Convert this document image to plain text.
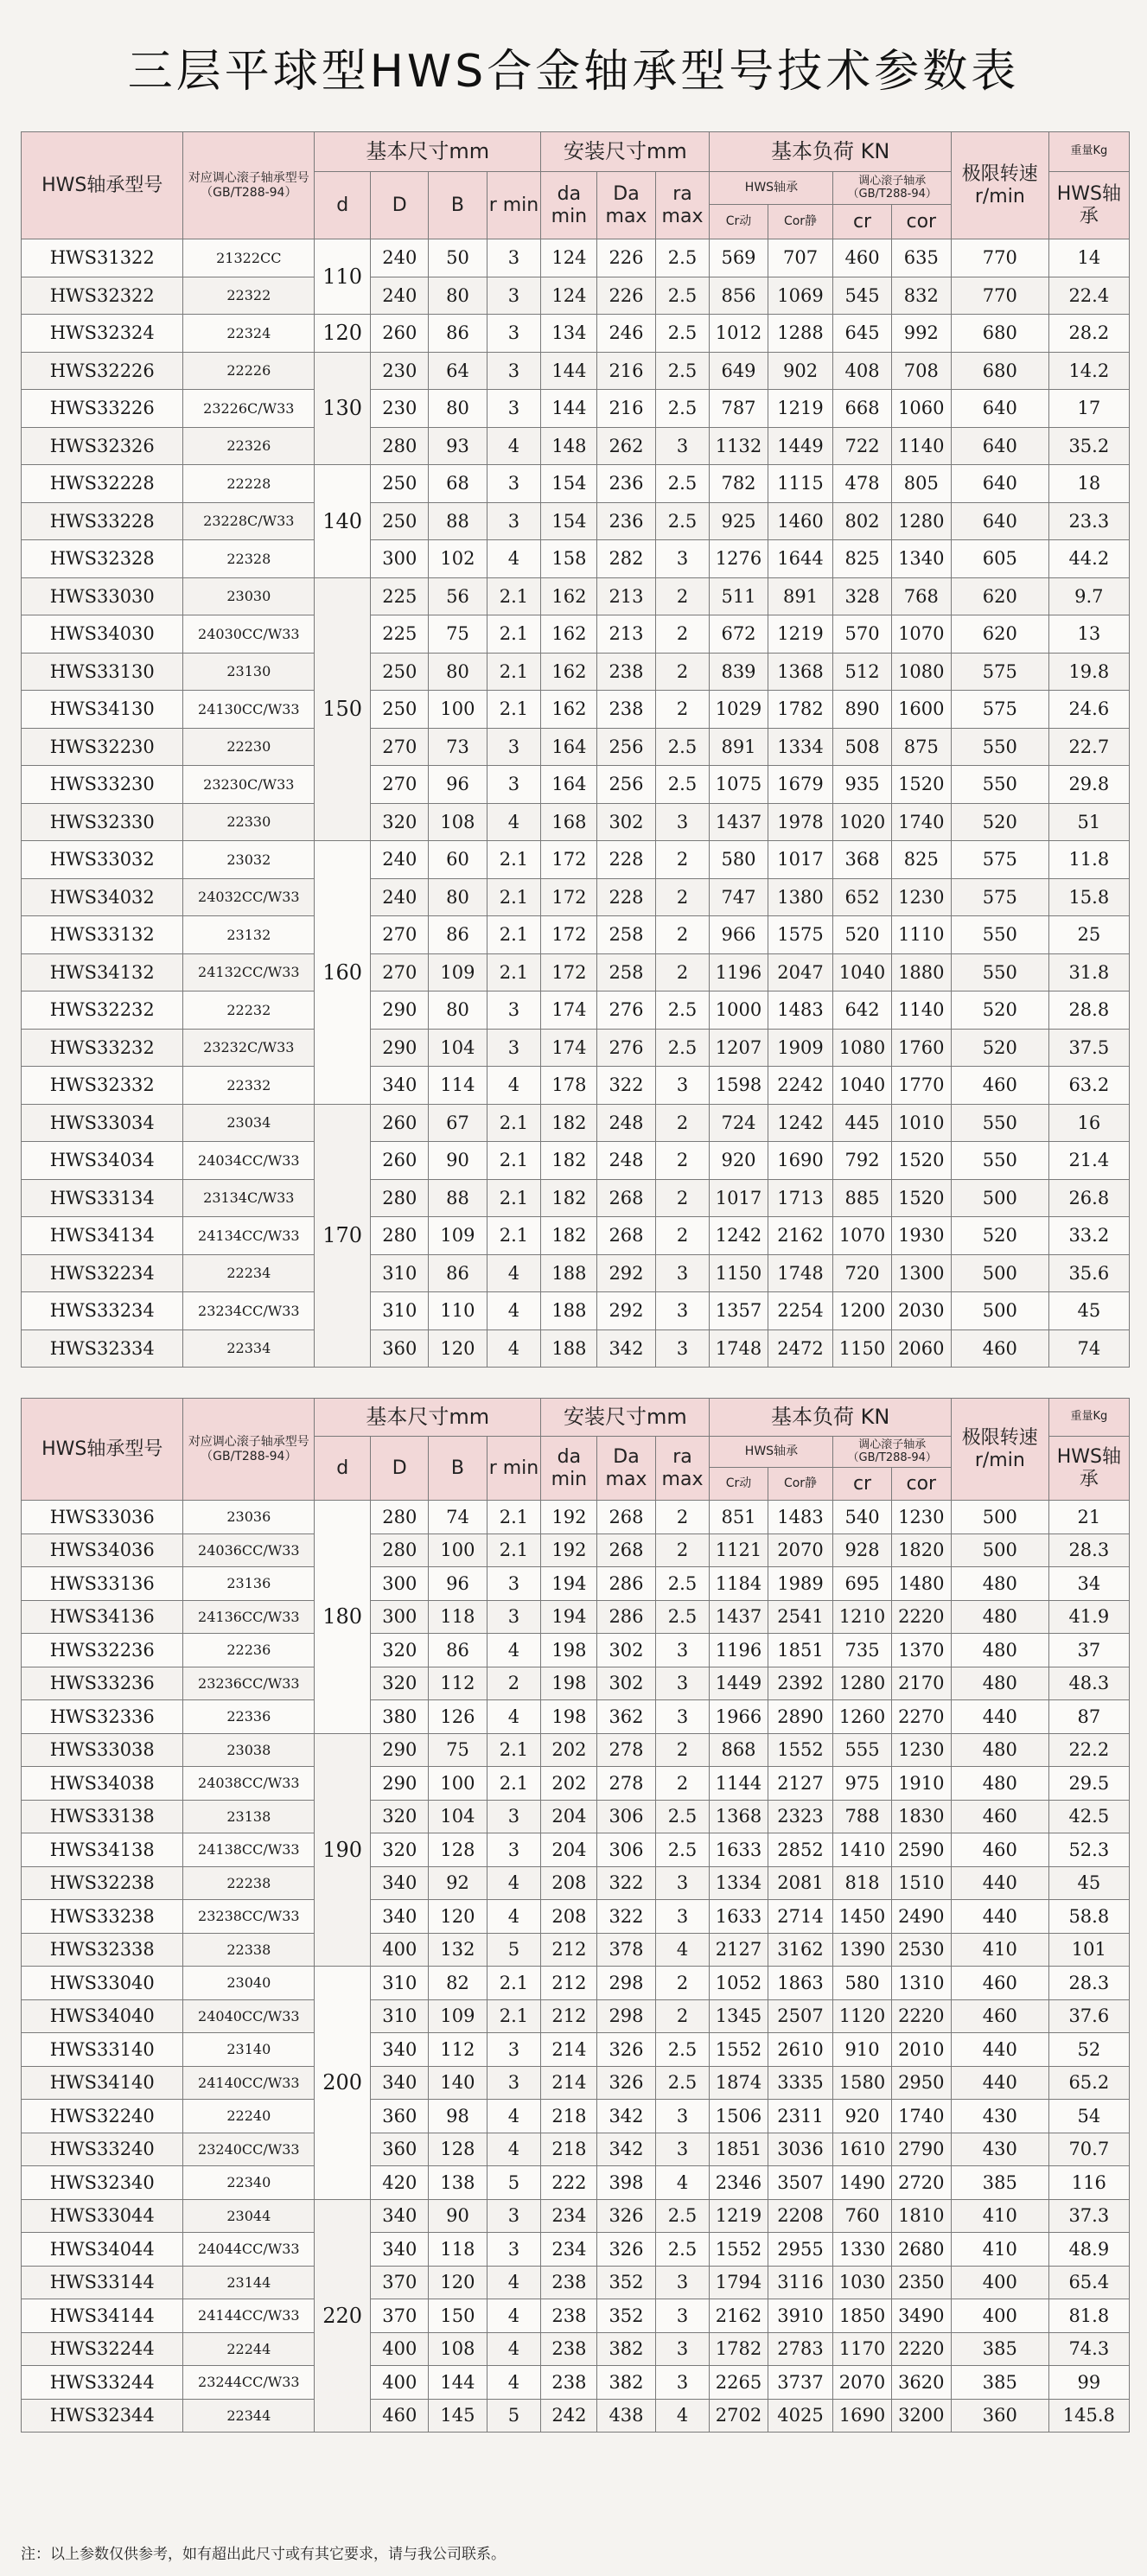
三层平球型HWS合金轴承型号技术参数表
HWS轴承型号	对应调心滚子轴承型号（GB/T288-94）	基本尺寸mm				安装尺寸mm			基本负荷 KN				极限转速r/min	重量Kg
		d	D	B	r min	da min	Da max	ra max	HWS轴承		调心滚子轴承（GB/T288-94）			HWS轴承
									Cr动	Cor静	cr	cor		
HWS31322	21322CC	110	240	50	3	124	226	2.5	569	707	460	635	770	14
HWS32322	22322		240	80	3	124	226	2.5	856	1069	545	832	770	22.4
HWS32324	22324	120	260	86	3	134	246	2.5	1012	1288	645	992	680	28.2
HWS32226	22226	130	230	64	3	144	216	2.5	649	902	408	708	680	14.2
HWS33226	23226C/W33		230	80	3	144	216	2.5	787	1219	668	1060	640	17
HWS32326	22326		280	93	4	148	262	3	1132	1449	722	1140	640	35.2
HWS32228	22228	140	250	68	3	154	236	2.5	782	1115	478	805	640	18
HWS33228	23228C/W33		250	88	3	154	236	2.5	925	1460	802	1280	640	23.3
HWS32328	22328		300	102	4	158	282	3	1276	1644	825	1340	605	44.2
HWS33030	23030	150	225	56	2.1	162	213	2	511	891	328	768	620	9.7
HWS34030	24030CC/W33		225	75	2.1	162	213	2	672	1219	570	1070	620	13
HWS33130	23130		250	80	2.1	162	238	2	839	1368	512	1080	575	19.8
HWS34130	24130CC/W33		250	100	2.1	162	238	2	1029	1782	890	1600	575	24.6
HWS32230	22230		270	73	3	164	256	2.5	891	1334	508	875	550	22.7
HWS33230	23230C/W33		270	96	3	164	256	2.5	1075	1679	935	1520	550	29.8
HWS32330	22330		320	108	4	168	302	3	1437	1978	1020	1740	520	51
HWS33032	23032	160	240	60	2.1	172	228	2	580	1017	368	825	575	11.8
HWS34032	24032CC/W33		240	80	2.1	172	228	2	747	1380	652	1230	575	15.8
HWS33132	23132		270	86	2.1	172	258	2	966	1575	520	1110	550	25
HWS34132	24132CC/W33		270	109	2.1	172	258	2	1196	2047	1040	1880	550	31.8
HWS32232	22232		290	80	3	174	276	2.5	1000	1483	642	1140	520	28.8
HWS33232	23232C/W33		290	104	3	174	276	2.5	1207	1909	1080	1760	520	37.5
HWS32332	22332		340	114	4	178	322	3	1598	2242	1040	1770	460	63.2
HWS33034	23034	170	260	67	2.1	182	248	2	724	1242	445	1010	550	16
HWS34034	24034CC/W33		260	90	2.1	182	248	2	920	1690	792	1520	550	21.4
HWS33134	23134C/W33		280	88	2.1	182	268	2	1017	1713	885	1520	500	26.8
HWS34134	24134CC/W33		280	109	2.1	182	268	2	1242	2162	1070	1930	520	33.2
HWS32234	22234		310	86	4	188	292	3	1150	1748	720	1300	500	35.6
HWS33234	23234CC/W33		310	110	4	188	292	3	1357	2254	1200	2030	500	45
HWS32334	22334		360	120	4	188	342	3	1748	2472	1150	2060	460	74
HWS轴承型号	对应调心滚子轴承型号（GB/T288-94）	基本尺寸mm				安装尺寸mm			基本负荷 KN				极限转速r/min	重量Kg
		d	D	B	r min	da min	Da max	ra max	HWS轴承		调心滚子轴承（GB/T288-94）			HWS轴承
									Cr动	Cor静	cr	cor		
HWS33036	23036	180	280	74	2.1	192	268	2	851	1483	540	1230	500	21
HWS34036	24036CC/W33		280	100	2.1	192	268	2	1121	2070	928	1820	500	28.3
HWS33136	23136		300	96	3	194	286	2.5	1184	1989	695	1480	480	34
HWS34136	24136CC/W33		300	118	3	194	286	2.5	1437	2541	1210	2220	480	41.9
HWS32236	22236		320	86	4	198	302	3	1196	1851	735	1370	480	37
HWS33236	23236CC/W33		320	112	2	198	302	3	1449	2392	1280	2170	480	48.3
HWS32336	22336		380	126	4	198	362	3	1966	2890	1260	2270	440	87
HWS33038	23038	190	290	75	2.1	202	278	2	868	1552	555	1230	480	22.2
HWS34038	24038CC/W33		290	100	2.1	202	278	2	1144	2127	975	1910	480	29.5
HWS33138	23138		320	104	3	204	306	2.5	1368	2323	788	1830	460	42.5
HWS34138	24138CC/W33		320	128	3	204	306	2.5	1633	2852	1410	2590	460	52.3
HWS32238	22238		340	92	4	208	322	3	1334	2081	818	1510	440	45
HWS33238	23238CC/W33		340	120	4	208	322	3	1633	2714	1450	2490	440	58.8
HWS32338	22338		400	132	5	212	378	4	2127	3162	1390	2530	410	101
HWS33040	23040	200	310	82	2.1	212	298	2	1052	1863	580	1310	460	28.3
HWS34040	24040CC/W33		310	109	2.1	212	298	2	1345	2507	1120	2220	460	37.6
HWS33140	23140		340	112	3	214	326	2.5	1552	2610	910	2010	440	52
HWS34140	24140CC/W33		340	140	3	214	326	2.5	1874	3335	1580	2950	440	65.2
HWS32240	22240		360	98	4	218	342	3	1506	2311	920	1740	430	54
HWS33240	23240CC/W33		360	128	4	218	342	3	1851	3036	1610	2790	430	70.7
HWS32340	22340		420	138	5	222	398	4	2346	3507	1490	2720	385	116
HWS33044	23044	220	340	90	3	234	326	2.5	1219	2208	760	1810	410	37.3
HWS34044	24044CC/W33		340	118	3	234	326	2.5	1552	2955	1330	2680	410	48.9
HWS33144	23144		370	120	4	238	352	3	1794	3116	1030	2350	400	65.4
HWS34144	24144CC/W33		370	150	4	238	352	3	2162	3910	1850	3490	400	81.8
HWS32244	22244		400	108	4	238	382	3	1782	2783	1170	2220	385	74.3
HWS33244	23244CC/W33		400	144	4	238	382	3	2265	3737	2070	3620	385	99
HWS32344	22344		460	145	5	242	438	4	2702	4025	1690	3200	360	145.8
注：以上参数仅供参考，如有超出此尺寸或有其它要求，请与我公司联系。
